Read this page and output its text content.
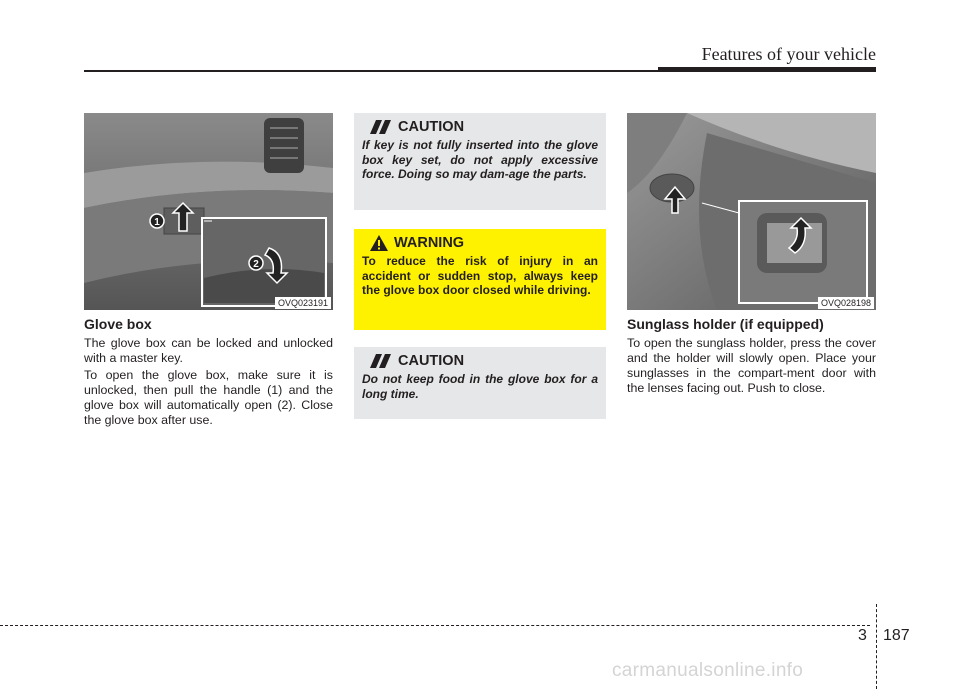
Features of your vehicle
1
2
OVQ023191
Glove box

The glove box can be locked and unlocked with a master key.

To open the glove box, make sure it is unlocked, then pull the handle (1) and the glove box will automatically open (2). Close the glove box after use.

CAUTION
If key is not fully inserted into the glove box key set, do not apply excessive force. Doing so may dam-age the parts.
WARNING
To reduce the risk of injury in an accident or sudden stop, always keep the glove box door closed while driving.
CAUTION
Do not keep food in the glove box for a long time.
OVQ028198
Sunglass holder (if equipped)

To open the sunglass holder, press the cover and the holder will slowly open. Place your sunglasses in the compart-ment door with the lenses facing out. Push to close.

3 187
carmanualsonline.info
